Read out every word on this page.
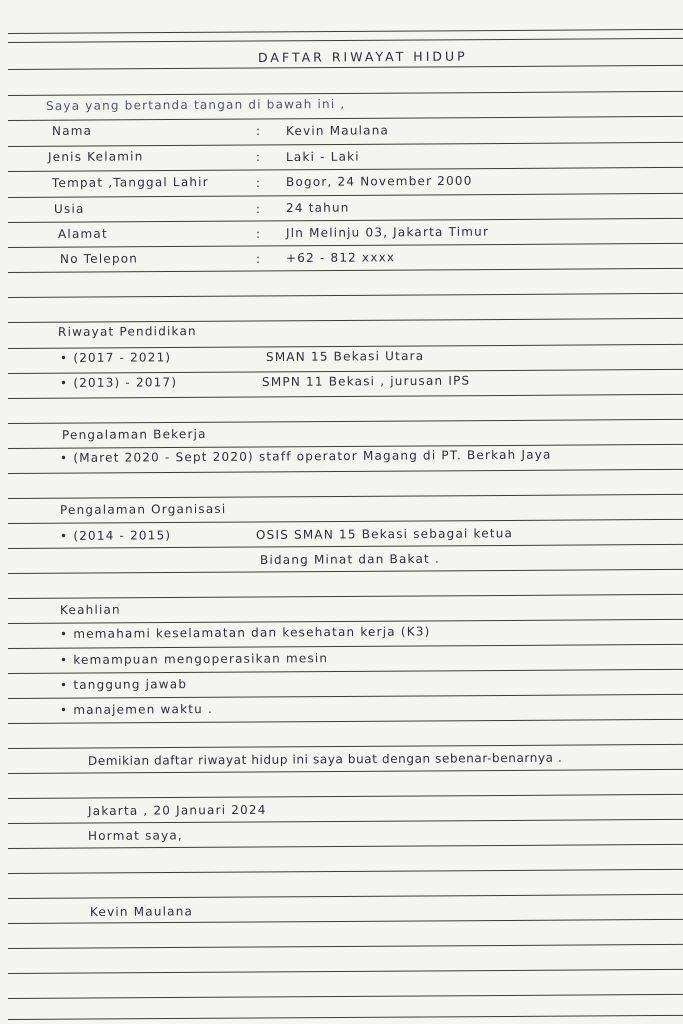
DAFTAR RIWAYAT HIDUP
Saya yang bertanda tangan di bawah ini ,
Nama	: Kevin Maulana
Jenis Kelamin	: Laki - Laki
Tempat ,Tanggal Lahir	: Bogor, 24 November 2000
Usia	: 24 tahun
Alamat	: Jln Melinju 03, Jakarta Timur
No Telepon	: +62 - 812 xxxx
Riwayat Pendidikan
• (2017 - 2021)	SMAN 15 Bekasi Utara
• (2013) - 2017)	SMPN 11 Bekasi , jurusan IPS
Pengalaman Bekerja
• (Maret 2020 - Sept 2020) staff operator Magang di PT. Berkah Jaya
Pengalaman Organisasi
• (2014 - 2015)	OSIS SMAN 15 Bekasi sebagai ketua
Bidang Minat dan Bakat .
Keahlian
• memahami keselamatan dan kesehatan kerja (K3)
• kemampuan mengoperasikan mesin
• tanggung jawab
• manajemen waktu .
Demikian daftar riwayat hidup ini saya buat dengan sebenar-benarnya .
Jakarta , 20 Januari 2024
Hormat saya,
Kevin Maulana
